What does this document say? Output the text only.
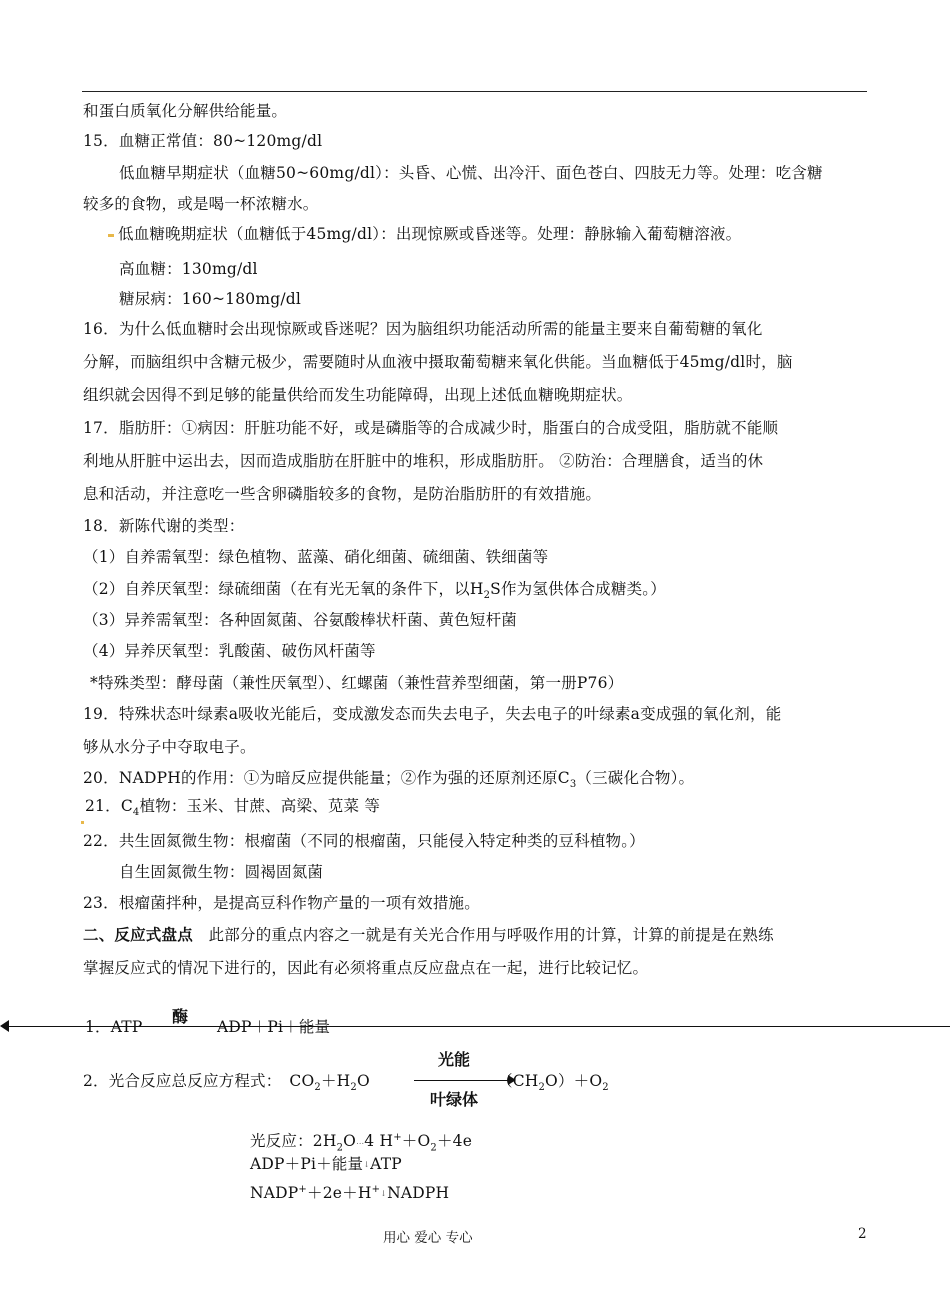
和蛋白质氧化分解供给能量。
15．血糖正常值：80~120mg/dl
低血糖早期症状（血糖50~60mg/dl）：头昏、心慌、出冷汗、面色苍白、四肢无力等。处理：吃含糖
较多的食物，或是喝一杯浓糖水。
低血糖晚期症状（血糖低于45mg/dl）：出现惊厥或昏迷等。处理：静脉输入葡萄糖溶液。
高血糖：130mg/dl
糖尿病：160~180mg/dl
16．为什么低血糖时会出现惊厥或昏迷呢？因为脑组织功能活动所需的能量主要来自葡萄糖的氧化
分解，而脑组织中含糖元极少，需要随时从血液中摄取葡萄糖来氧化供能。当血糖低于45mg/dl时，脑
组织就会因得不到足够的能量供给而发生功能障碍，出现上述低血糖晚期症状。
17．脂肪肝：①病因：肝脏功能不好，或是磷脂等的合成减少时，脂蛋白的合成受阻，脂肪就不能顺
利地从肝脏中运出去，因而造成脂肪在肝脏中的堆积，形成脂肪肝。 ②防治：合理膳食，适当的休
息和活动，并注意吃一些含卵磷脂较多的食物，是防治脂肪肝的有效措施。
18．新陈代谢的类型：
（1）自养需氧型：绿色植物、蓝藻、硝化细菌、硫细菌、铁细菌等
（2）自养厌氧型：绿硫细菌（在有光无氧的条件下，以$H_2S$作为氢供体合成糖类。）
（3）异养需氧型：各种固氮菌、谷氨酸棒状杆菌、黄色短杆菌
（4）异养厌氧型：乳酸菌、破伤风杆菌等
*特殊类型：酵母菌（兼性厌氧型）、红螺菌（兼性营养型细菌，第一册P76）
19．特殊状态叶绿素a吸收光能后，变成激发态而失去电子，失去电子的叶绿素a变成强的氧化剂，能
够从水分子中夺取电子。
20．NADPH的作用：①为暗反应提供能量；②作为强的还原剂还原$C_3$（三碳化合物）。
21．$C_4$植物：玉米、甘蔗、高梁、苋菜 等
22．共生固氮微生物：根瘤菌（不同的根瘤菌，只能侵入特定种类的豆科植物。）
自生固氮微生物：圆褐固氮菌
23．根瘤菌拌种，是提高豆科作物产量的一项有效措施。
二、反应式盘点　此部分的重点内容之一就是有关光合作用与呼吸作用的计算，计算的前提是在熟练
掌握反应式的情况下进行的，因此有必须将重点反应盘点在一起，进行比较记忆。
酶
1．ATP	ADP＋Pi＋能量
光能
叶绿体
2．光合反应总反应方程式：　$CO_2+H_2O$	$(CH_2O)+O_2$
光反应：$2H_2O\dots 4$ $H^++O_2+4e$
ADP＋Pi＋能量↓ATP
NADP+＋2e＋H+↓NADPH
用心 爱心 专心	2
